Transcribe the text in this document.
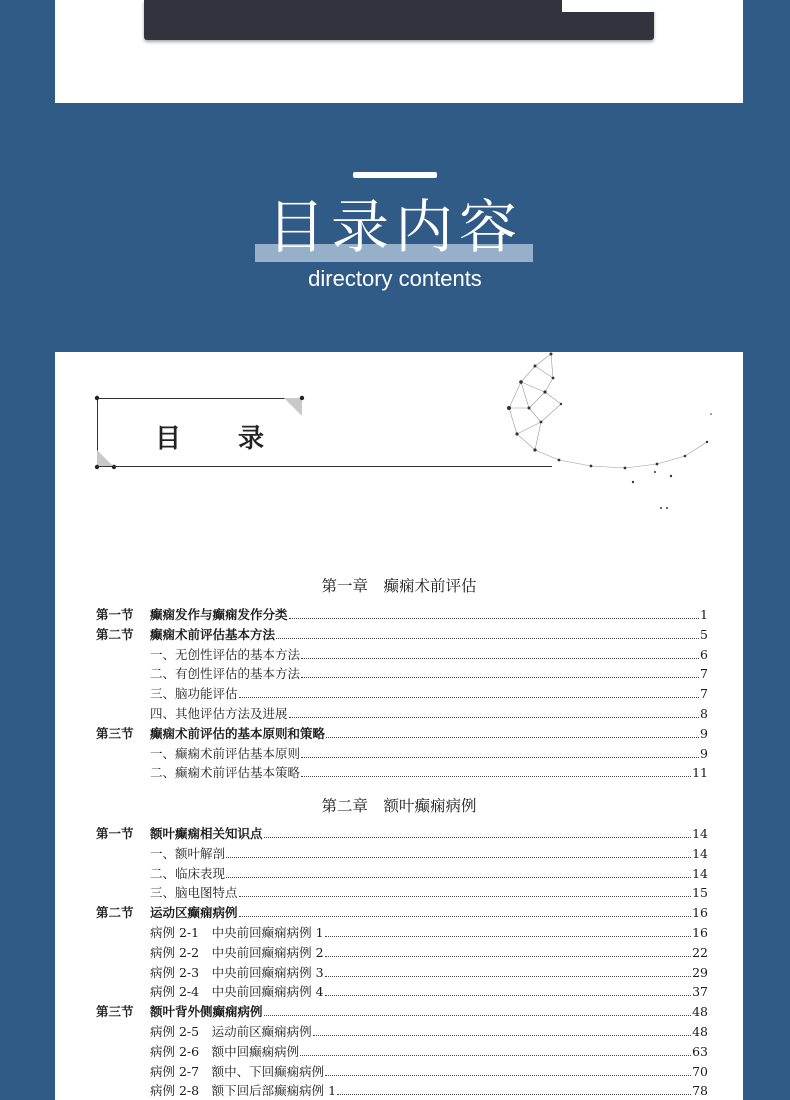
目录内容
directory contents
目 录
第一章　癫痫术前评估
第一节	癫痫发作与癫痫发作分类	1
第二节	癫痫术前评估基本方法	5
一、无创性评估的基本方法	6
二、有创性评估的基本方法	7
三、脑功能评估	7
四、其他评估方法及进展	8
第三节	癫痫术前评估的基本原则和策略	9
一、癫痫术前评估基本原则	9
二、癫痫术前评估基本策略	11
第二章　额叶癫痫病例
第一节	额叶癫痫相关知识点	14
一、额叶解剖	14
二、临床表现	14
三、脑电图特点	15
第二节	运动区癫痫病例	16
病例 2-1　中央前回癫痫病例 1	16
病例 2-2　中央前回癫痫病例 2	22
病例 2-3　中央前回癫痫病例 3	29
病例 2-4　中央前回癫痫病例 4	37
第三节	额叶背外侧癫痫病例	48
病例 2-5　运动前区癫痫病例	48
病例 2-6　额中回癫痫病例	63
病例 2-7　额中、下回癫痫病例	70
病例 2-8　额下回后部癫痫病例 1	78
